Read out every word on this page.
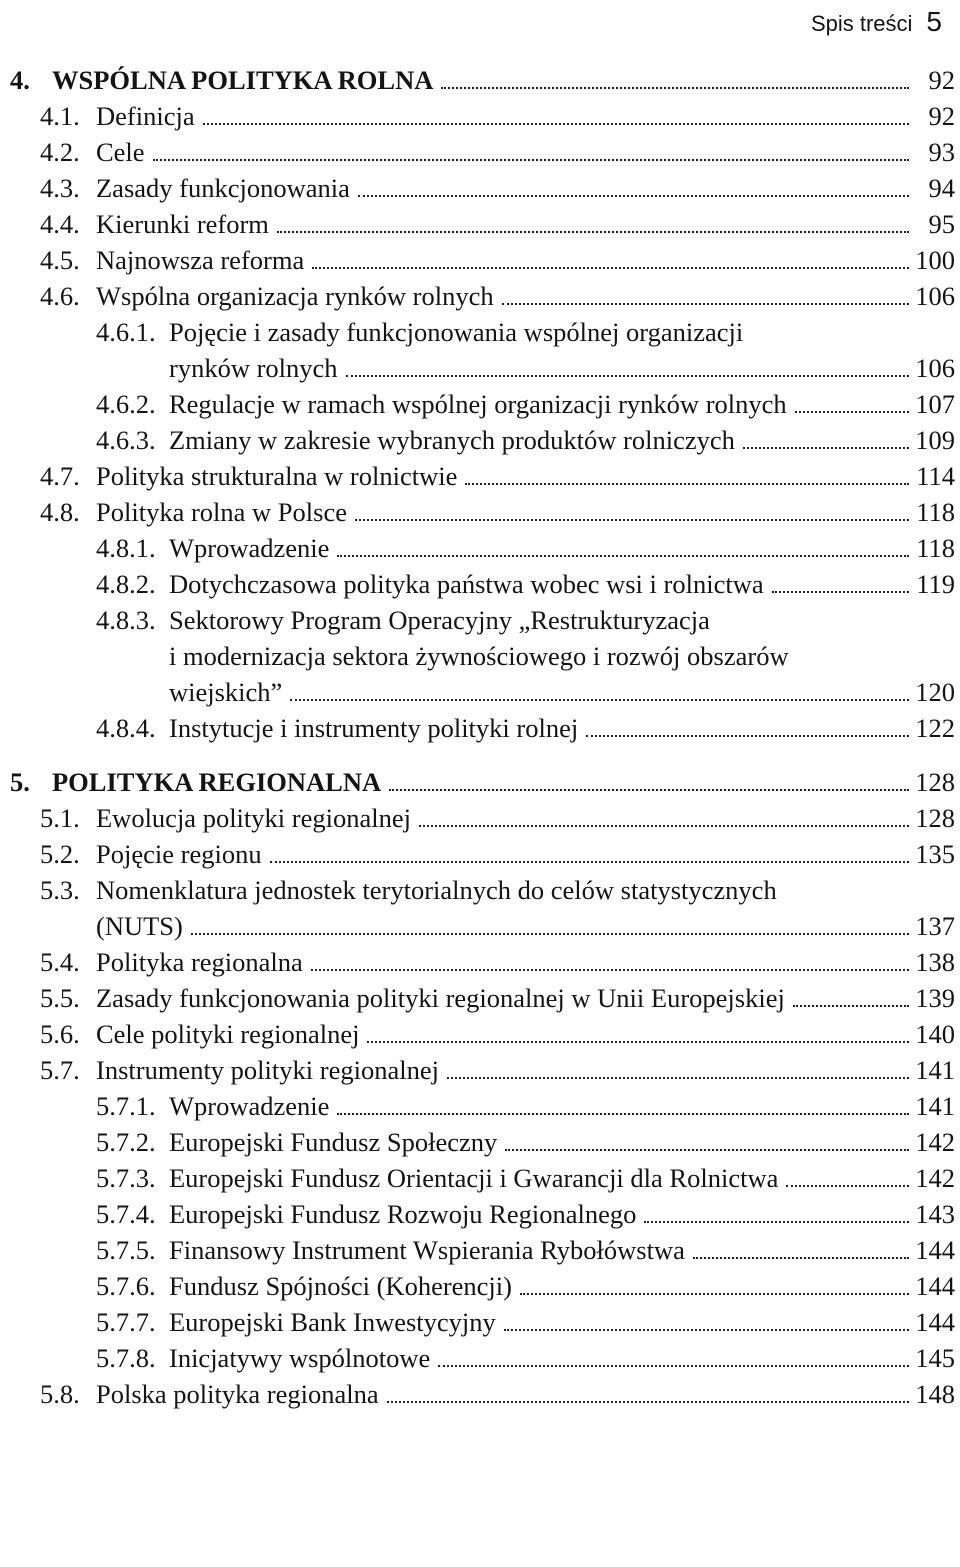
Spis treści 5
4. WSPÓLNA POLITYKA ROLNA	92
4.1. Definicja	92
4.2. Cele	93
4.3. Zasady funkcjonowania	94
4.4. Kierunki reform	95
4.5. Najnowsza reforma	100
4.6. Wspólna organizacja rynków rolnych	106
4.6.1. Pojęcie i zasady funkcjonowania wspólnej organizacji
rynków rolnych	106
4.6.2. Regulacje w ramach wspólnej organizacji rynków rolnych	107
4.6.3. Zmiany w zakresie wybranych produktów rolniczych	109
4.7. Polityka strukturalna w rolnictwie	114
4.8. Polityka rolna w Polsce	118
4.8.1. Wprowadzenie	118
4.8.2. Dotychczasowa polityka państwa wobec wsi i rolnictwa	119
4.8.3. Sektorowy Program Operacyjny „Restrukturyzacja
i modernizacja sektora żywnościowego i rozwój obszarów
wiejskich”	120
4.8.4. Instytucje i instrumenty polityki rolnej	122
5. POLITYKA REGIONALNA	128
5.1. Ewolucja polityki regionalnej	128
5.2. Pojęcie regionu	135
5.3. Nomenklatura jednostek terytorialnych do celów statystycznych
(NUTS)	137
5.4. Polityka regionalna	138
5.5. Zasady funkcjonowania polityki regionalnej w Unii Europejskiej	139
5.6. Cele polityki regionalnej	140
5.7. Instrumenty polityki regionalnej	141
5.7.1. Wprowadzenie	141
5.7.2. Europejski Fundusz Społeczny	142
5.7.3. Europejski Fundusz Orientacji i Gwarancji dla Rolnictwa	142
5.7.4. Europejski Fundusz Rozwoju Regionalnego	143
5.7.5. Finansowy Instrument Wspierania Rybołówstwa	144
5.7.6. Fundusz Spójności (Koherencji)	144
5.7.7. Europejski Bank Inwestycyjny	144
5.7.8. Inicjatywy wspólnotowe	145
5.8. Polska polityka regionalna	148
